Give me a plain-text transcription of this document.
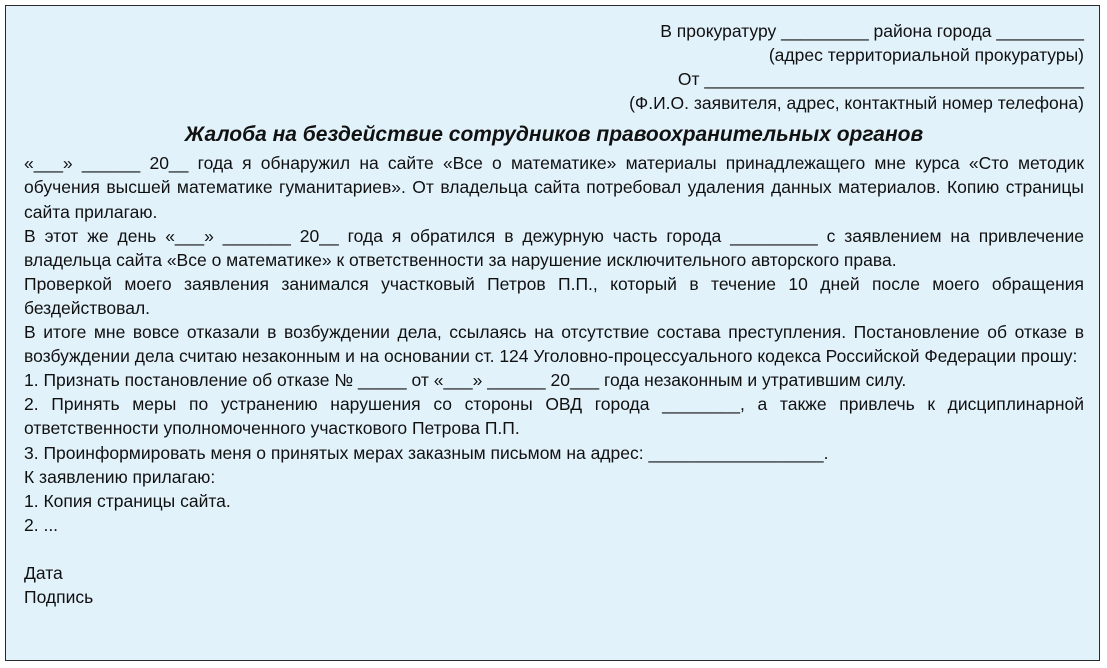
В прокуратуру _________ района города _________
(адрес территориальной прокуратуры)
От _______________________________________
(Ф.И.О. заявителя, адрес, контактный номер телефона)
Жалоба на бездействие сотрудников правоохранительных органов
«___» ______ 20__ года я обнаружил на сайте «Все о математике» материалы принадлежащего мне курса «Сто методик обучения высшей математике гуманитариев». От владельца сайта потребовал удаления данных материалов. Копию страницы сайта прилагаю.
В этот же день «___» _______ 20__ года я обратился в дежурную часть города _________ с заявлением на привлечение владельца сайта «Все о математике» к ответственности за нарушение исключительного авторского права.
Проверкой моего заявления занимался участковый Петров П.П., который в течение 10 дней после моего обращения бездействовал.
В итоге мне вовсе отказали в возбуждении дела, ссылаясь на отсутствие состава преступления. Постановление об отказе в возбуждении дела считаю незаконным и на основании ст. 124 Уголовно-процессуального кодекса Российской Федерации прошу:
1. Признать постановление об отказе № _____ от «___» ______ 20___ года незаконным и утратившим силу.
2. Принять меры по устранению нарушения со стороны ОВД города ________, а также привлечь к дисциплинарной ответственности уполномоченного участкового Петрова П.П.
3. Проинформировать меня о принятых мерах заказным письмом на адрес: __________________.
К заявлению прилагаю:
1. Копия страницы сайта.
2. ...
Дата
Подпись
